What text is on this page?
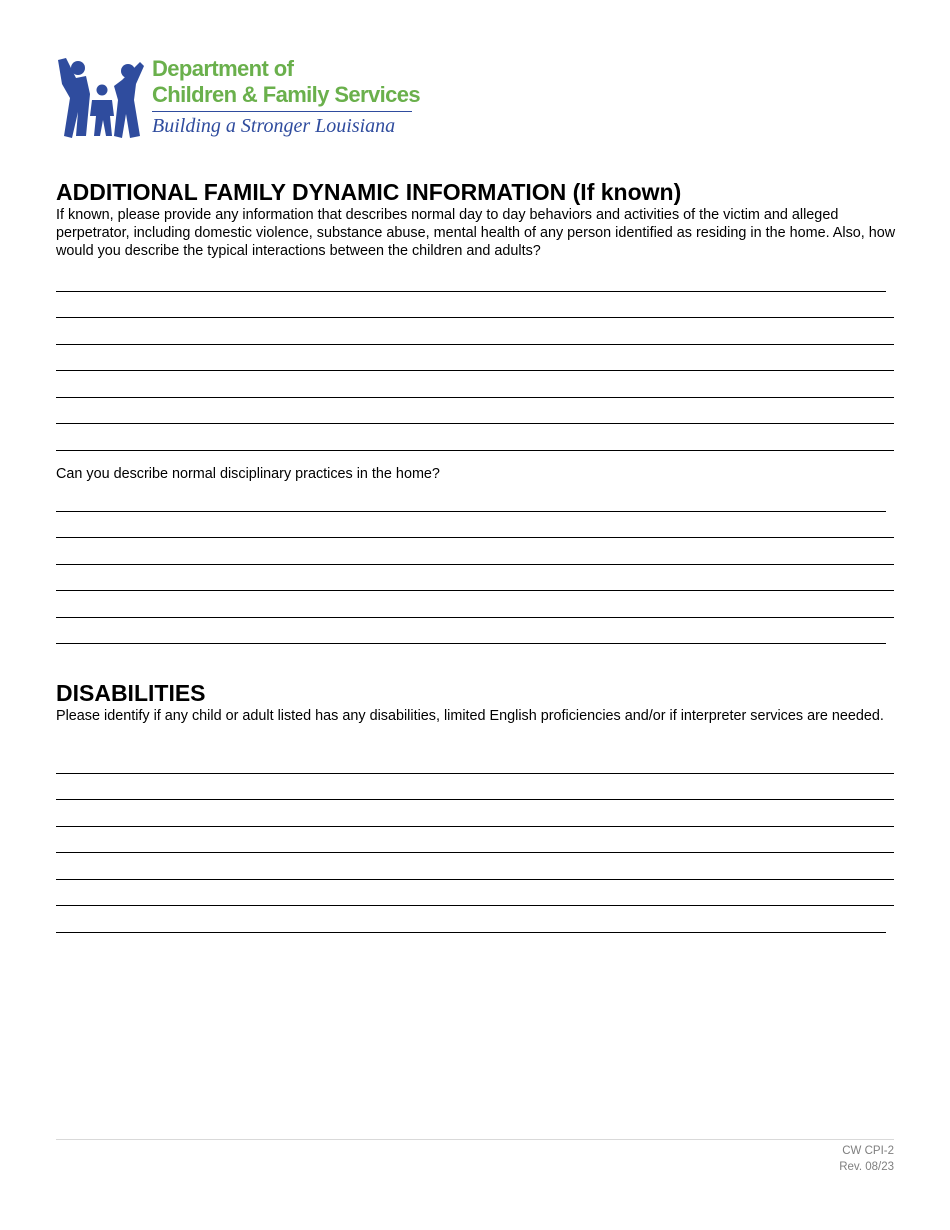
Department of
Children & Family Services
Building a Stronger Louisiana
ADDITIONAL FAMILY DYNAMIC INFORMATION (If known)

If known, please provide any information that describes normal day to day behaviors and activities of the victim and alleged perpetrator, including domestic violence, substance abuse, mental health of any person identified as residing in the home. Also, how would you describe the typical interactions between the children and adults?

Can you describe normal disciplinary practices in the home?
DISABILITIES

Please identify if any child or adult listed has any disabilities, limited English proficiencies and/or if interpreter services are needed.

CW CPI-2
Rev. 08/23
